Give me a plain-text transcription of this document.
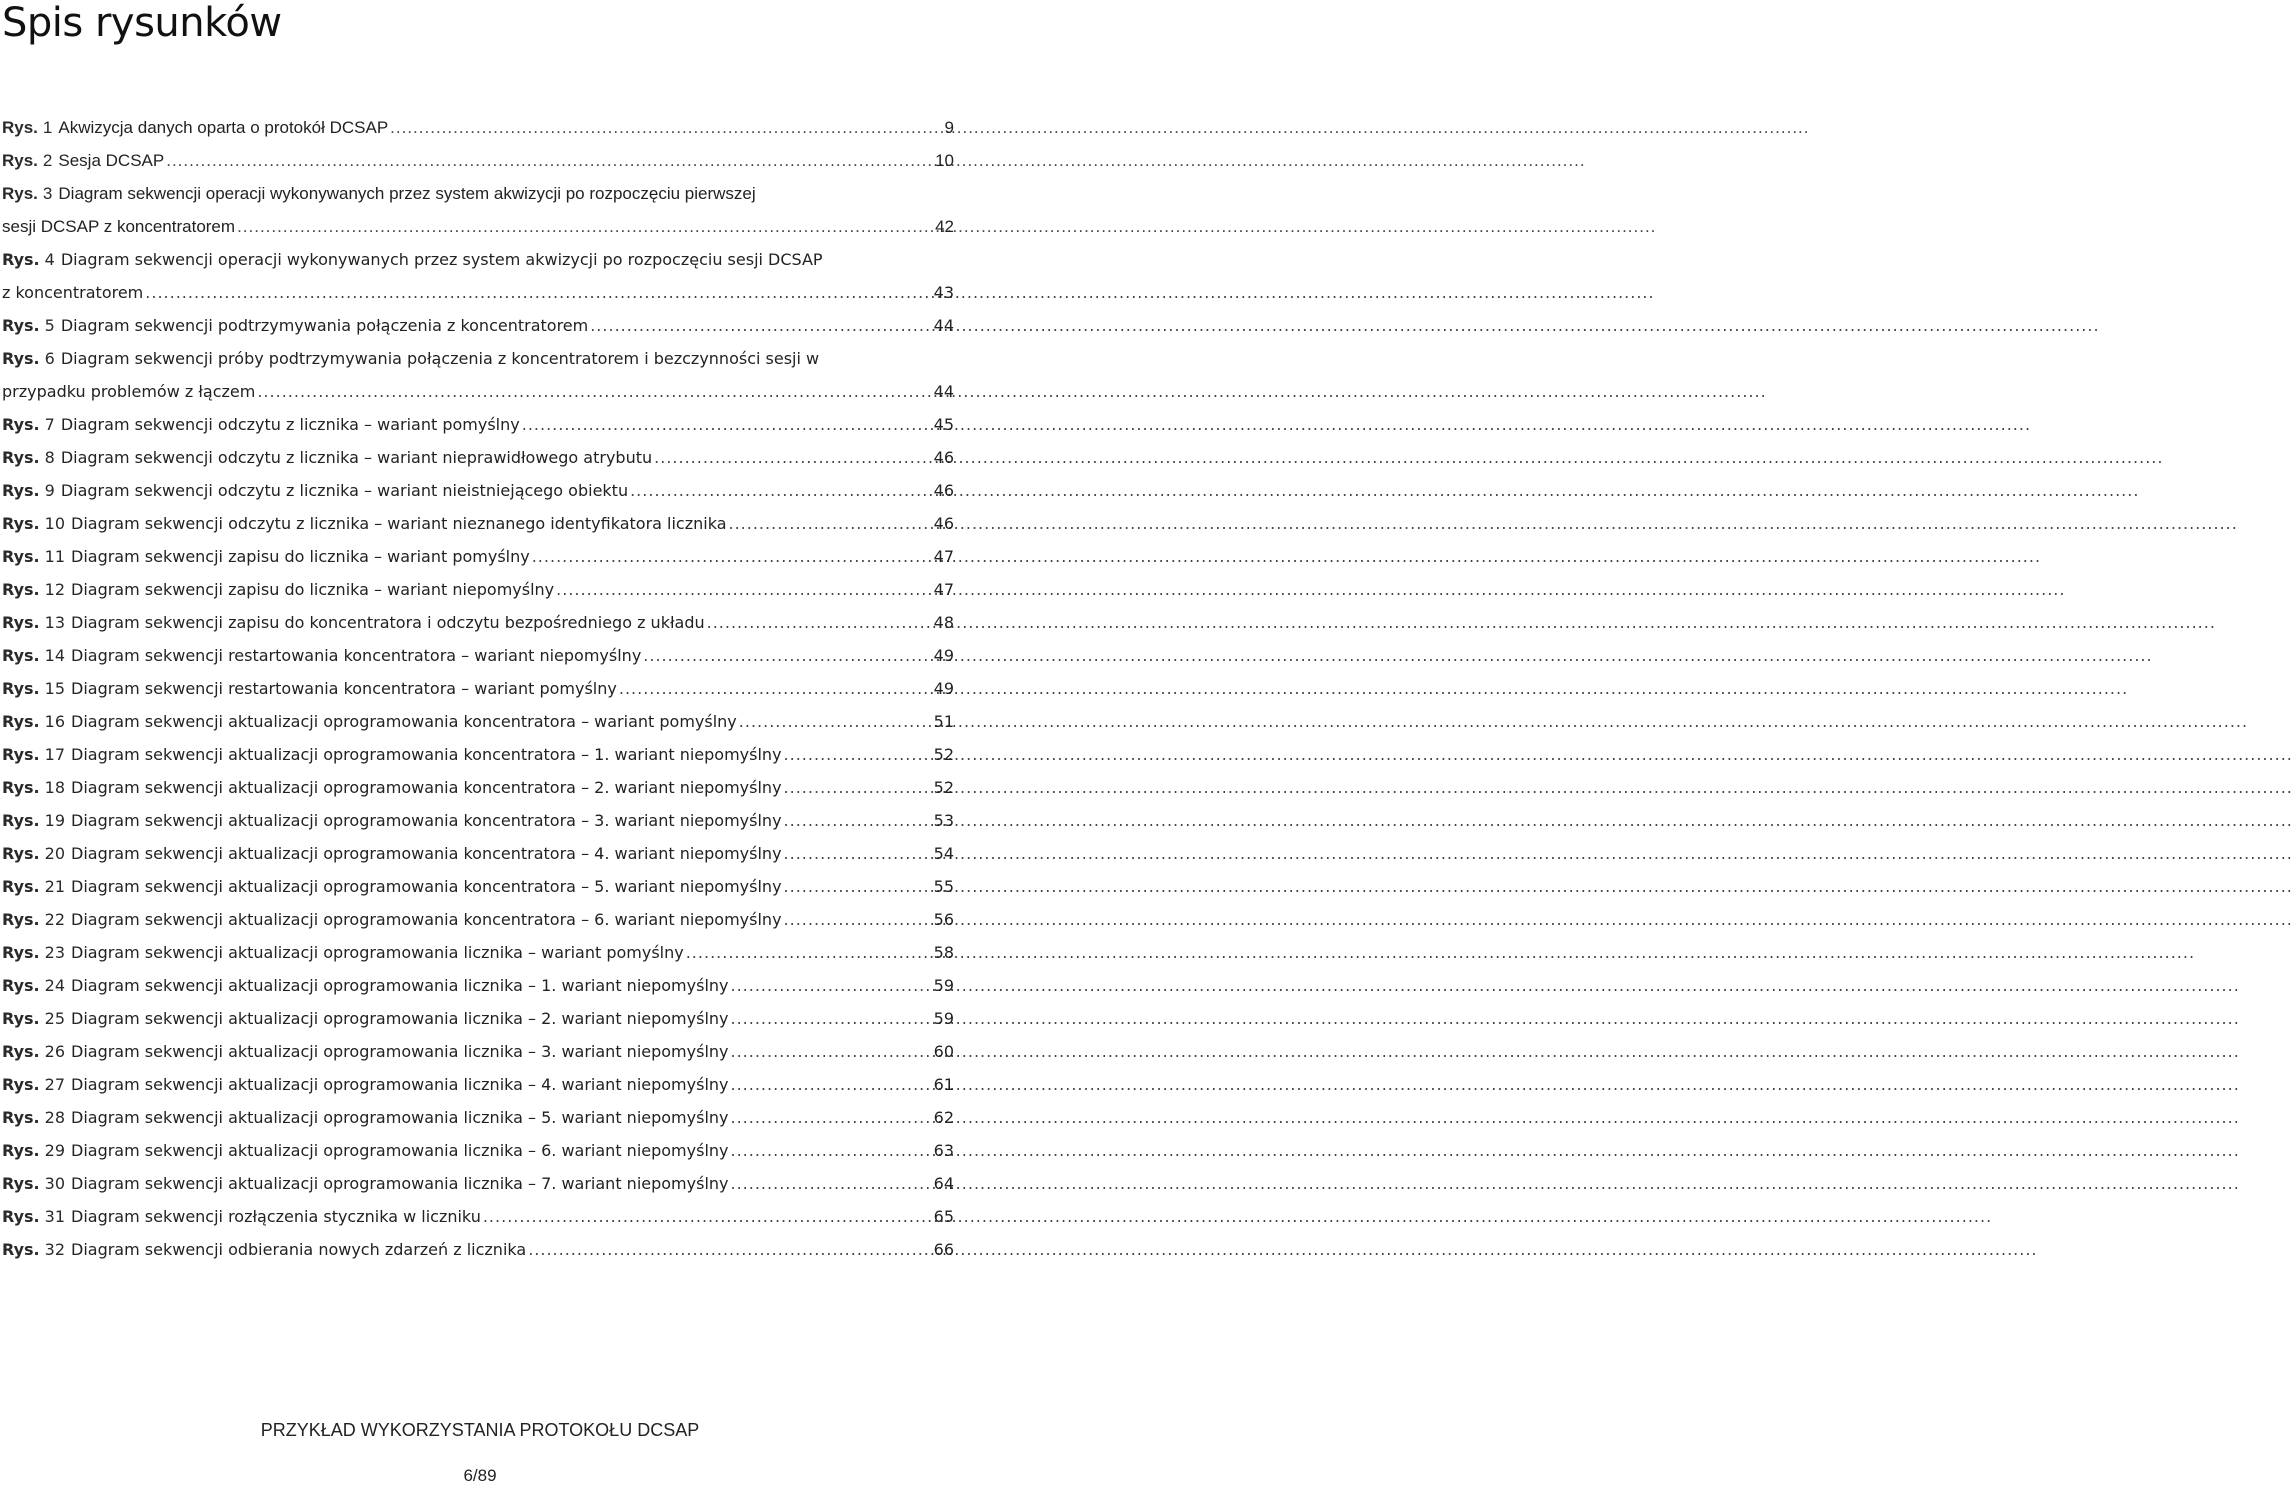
Spis rysunków
Rys. 1 Akwizycja danych oparta o protokół DCSAP .....	9
Rys. 2 Sesja DCSAP .....	10
Rys. 3 Diagram sekwencji operacji wykonywanych przez system akwizycji po rozpoczęciu pierwszej
sesji DCSAP z koncentratorem .....	42
Rys. 4 Diagram sekwencji operacji wykonywanych przez system akwizycji po rozpoczęciu sesji DCSAP
z koncentratorem .....	43
Rys. 5 Diagram sekwencji podtrzymywania połączenia z koncentratorem .....	44
Rys. 6 Diagram sekwencji próby podtrzymywania połączenia z koncentratorem i bezczynności sesji w
przypadku problemów z łączem .....	44
Rys. 7 Diagram sekwencji odczytu z licznika – wariant pomyślny .....	45
Rys. 8 Diagram sekwencji odczytu z licznika – wariant nieprawidłowego atrybutu .....	46
Rys. 9 Diagram sekwencji odczytu z licznika – wariant nieistniejącego obiektu .....	46
Rys. 10 Diagram sekwencji odczytu z licznika – wariant nieznanego identyfikatora licznika .....	46
Rys. 11 Diagram sekwencji zapisu do licznika – wariant pomyślny .....	47
Rys. 12 Diagram sekwencji zapisu do licznika – wariant niepomyślny .....	47
Rys. 13 Diagram sekwencji zapisu do koncentratora i odczytu bezpośredniego z układu .....	48
Rys. 14 Diagram sekwencji restartowania koncentratora – wariant niepomyślny .....	49
Rys. 15 Diagram sekwencji restartowania koncentratora – wariant pomyślny .....	49
Rys. 16 Diagram sekwencji aktualizacji oprogramowania koncentratora – wariant pomyślny .....	51
Rys. 17 Diagram sekwencji aktualizacji oprogramowania koncentratora – 1. wariant niepomyślny .....	52
Rys. 18 Diagram sekwencji aktualizacji oprogramowania koncentratora – 2. wariant niepomyślny .....	52
Rys. 19 Diagram sekwencji aktualizacji oprogramowania koncentratora – 3. wariant niepomyślny .....	53
Rys. 20 Diagram sekwencji aktualizacji oprogramowania koncentratora – 4. wariant niepomyślny .....	54
Rys. 21 Diagram sekwencji aktualizacji oprogramowania koncentratora – 5. wariant niepomyślny .....	55
Rys. 22 Diagram sekwencji aktualizacji oprogramowania koncentratora – 6. wariant niepomyślny .....	56
Rys. 23 Diagram sekwencji aktualizacji oprogramowania licznika – wariant pomyślny .....	58
Rys. 24 Diagram sekwencji aktualizacji oprogramowania licznika – 1. wariant niepomyślny .....	59
Rys. 25 Diagram sekwencji aktualizacji oprogramowania licznika – 2. wariant niepomyślny .....	59
Rys. 26 Diagram sekwencji aktualizacji oprogramowania licznika – 3. wariant niepomyślny .....	60
Rys. 27 Diagram sekwencji aktualizacji oprogramowania licznika – 4. wariant niepomyślny .....	61
Rys. 28 Diagram sekwencji aktualizacji oprogramowania licznika – 5. wariant niepomyślny .....	62
Rys. 29 Diagram sekwencji aktualizacji oprogramowania licznika – 6. wariant niepomyślny .....	63
Rys. 30 Diagram sekwencji aktualizacji oprogramowania licznika – 7. wariant niepomyślny .....	64
Rys. 31 Diagram sekwencji rozłączenia stycznika w liczniku .....	65
Rys. 32 Diagram sekwencji odbierania nowych zdarzeń z licznika .....	66

PRZYKŁAD WYKORZYSTANIA PROTOKOŁU DCSAP

6/89
